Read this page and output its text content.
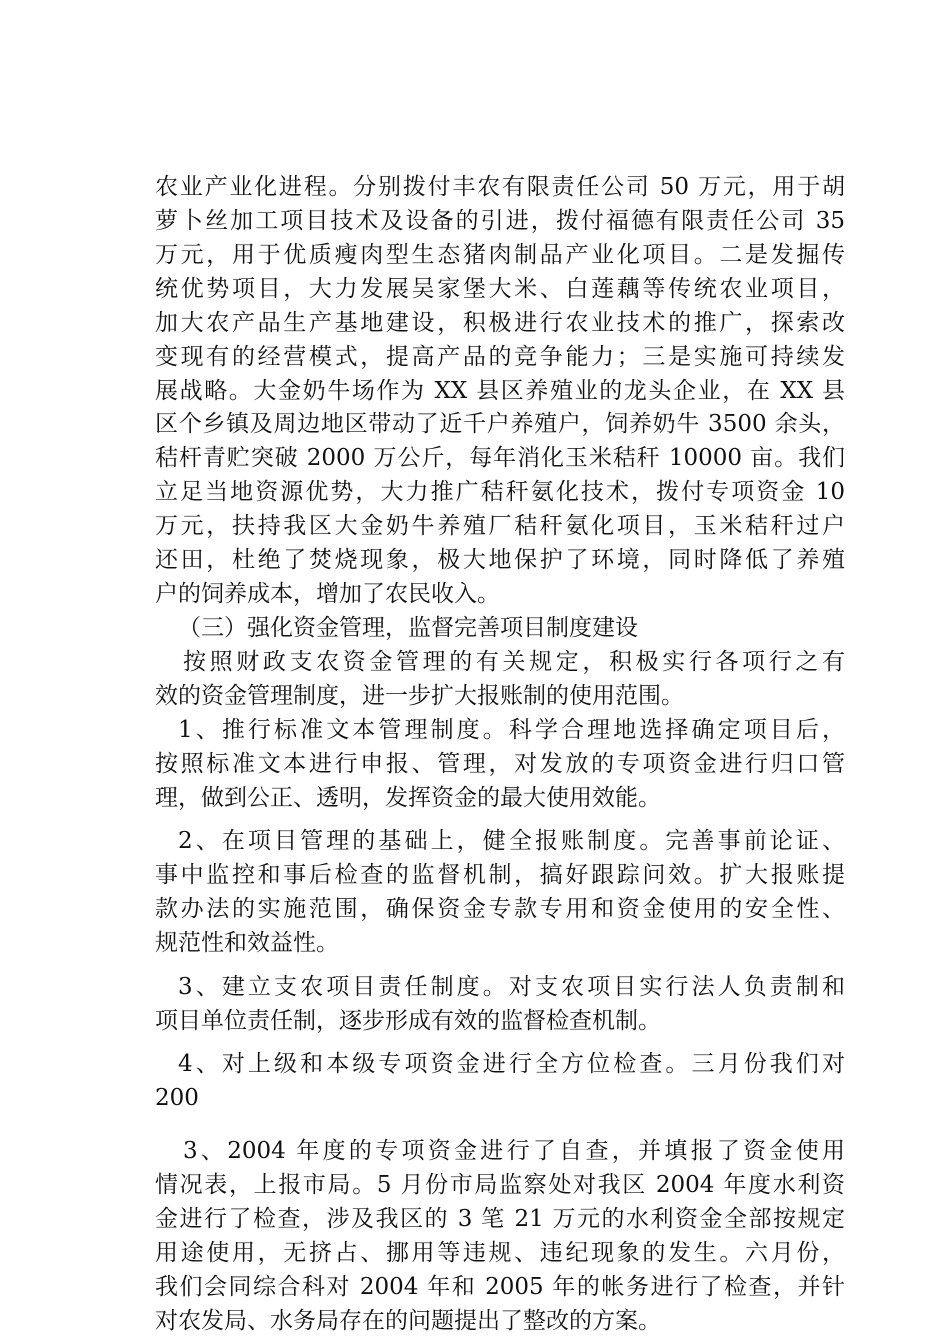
农业产业化进程。分别拨付丰农有限责任公司 50 万元，用于胡
萝卜丝加工项目技术及设备的引进，拨付福德有限责任公司 35
万元，用于优质瘦肉型生态猪肉制品产业化项目。二是发掘传
统优势项目，大力发展吴家堡大米、白莲藕等传统农业项目，
加大农产品生产基地建设，积极进行农业技术的推广，探索改
变现有的经营模式，提高产品的竞争能力；三是实施可持续发
展战略。大金奶牛场作为 XX 县区养殖业的龙头企业，在 XX 县
区个乡镇及周边地区带动了近千户养殖户，饲养奶牛 3500 余头，
秸杆青贮突破 2000 万公斤，每年消化玉米秸秆 10000 亩。我们
立足当地资源优势，大力推广秸秆氨化技术，拨付专项资金 10
万元，扶持我区大金奶牛养殖厂秸秆氨化项目，玉米秸秆过户
还田，杜绝了焚烧现象，极大地保护了环境，同时降低了养殖
户的饲养成本，增加了农民收入。
（三）强化资金管理，监督完善项目制度建设
按照财政支农资金管理的有关规定，积极实行各项行之有
效的资金管理制度，进一步扩大报账制的使用范围。
1、推行标准文本管理制度。科学合理地选择确定项目后，
按照标准文本进行申报、管理，对发放的专项资金进行归口管
理，做到公正、透明，发挥资金的最大使用效能。
2、在项目管理的基础上，健全报账制度。完善事前论证、
事中监控和事后检查的监督机制，搞好跟踪问效。扩大报账提
款办法的实施范围，确保资金专款专用和资金使用的安全性、
规范性和效益性。
3、建立支农项目责任制度。对支农项目实行法人负责制和
项目单位责任制，逐步形成有效的监督检查机制。
4、对上级和本级专项资金进行全方位检查。三月份我们对
200
3、2004 年度的专项资金进行了自查，并填报了资金使用
情况表，上报市局。5 月份市局监察处对我区 2004 年度水利资
金进行了检查，涉及我区的 3 笔 21 万元的水利资金全部按规定
用途使用，无挤占、挪用等违规、违纪现象的发生。六月份，
我们会同综合科对 2004 年和 2005 年的帐务进行了检查，并针
对农发局、水务局存在的问题提出了整改的方案。
